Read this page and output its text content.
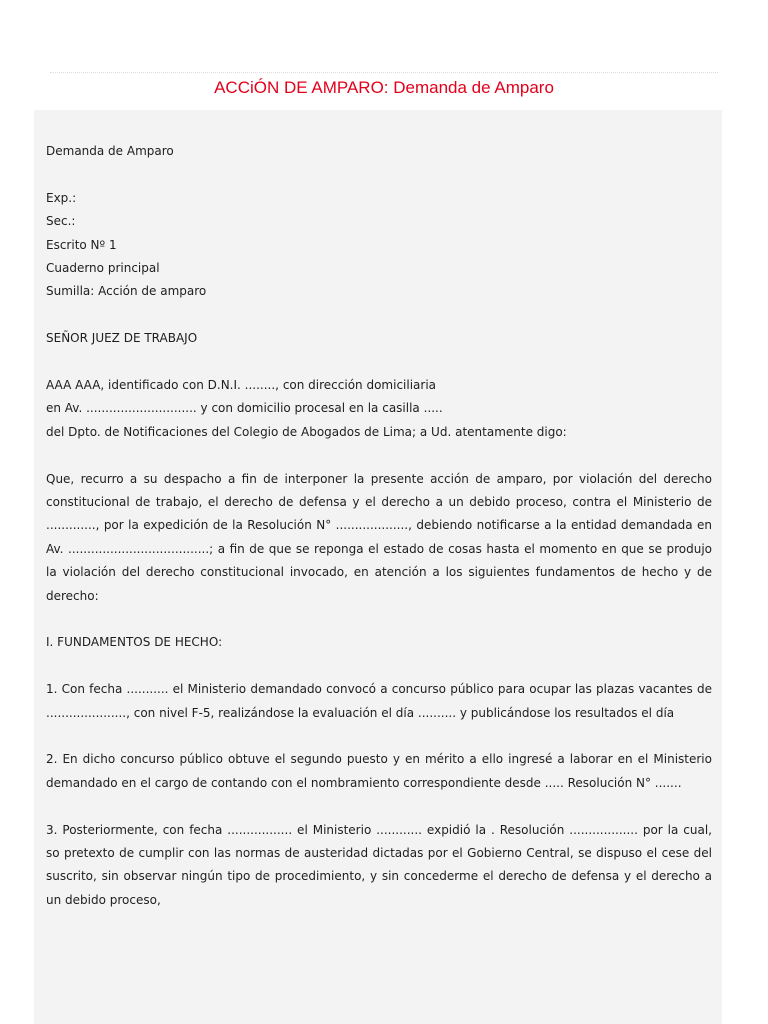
ACCiÓN DE AMPARO: Demanda de Amparo

Demanda de Amparo

Exp.:
Sec.:
Escrito Nº 1
Cuaderno principal
Sumilla: Acción de amparo

SEÑOR JUEZ DE TRABAJO

AAA AAA, identificado con D.N.I. ........, con dirección domiciliaria
en Av. ............................. y con domicilio procesal en la casilla .....
del Dpto. de Notificaciones del Colegio de Abogados de Lima; a Ud. atentamente digo:

Que, recurro a su despacho a fin de interponer la presente acción de amparo, por violación del derecho constitucional de trabajo, el derecho de defensa y el derecho a un debido proceso, contra el Ministerio de ............., por la expedición de la Resolución N° ..................., debiendo notificarse a la entidad demandada en Av. .....................................; a fin de que se reponga el estado de cosas hasta el momento en que se produjo la violación del derecho constitucional invocado, en atención a los siguientes fundamentos de hecho y de derecho:

I. FUNDAMENTOS DE HECHO:

1. Con fecha ........... el Ministerio demandado convocó a concurso público para ocupar las plazas vacantes de ....................., con nivel F-5, realizándose la evaluación el día .......... y publicándose los resultados el día

2. En dicho concurso público obtuve el segundo puesto y en mérito a ello ingresé a laborar en el Ministerio demandado en el cargo de contando con el nombramiento correspondiente desde ..... Resolución N° .......

3. Posteriormente, con fecha ................. el Ministerio ............ expidió la . Resolución .................. por la cual, so pretexto de cumplir con las normas de austeridad dictadas por el Gobierno Central, se dispuso el cese del suscrito, sin observar ningún tipo de procedimiento, y sin concederme el derecho de defensa y el derecho a un debido proceso,
